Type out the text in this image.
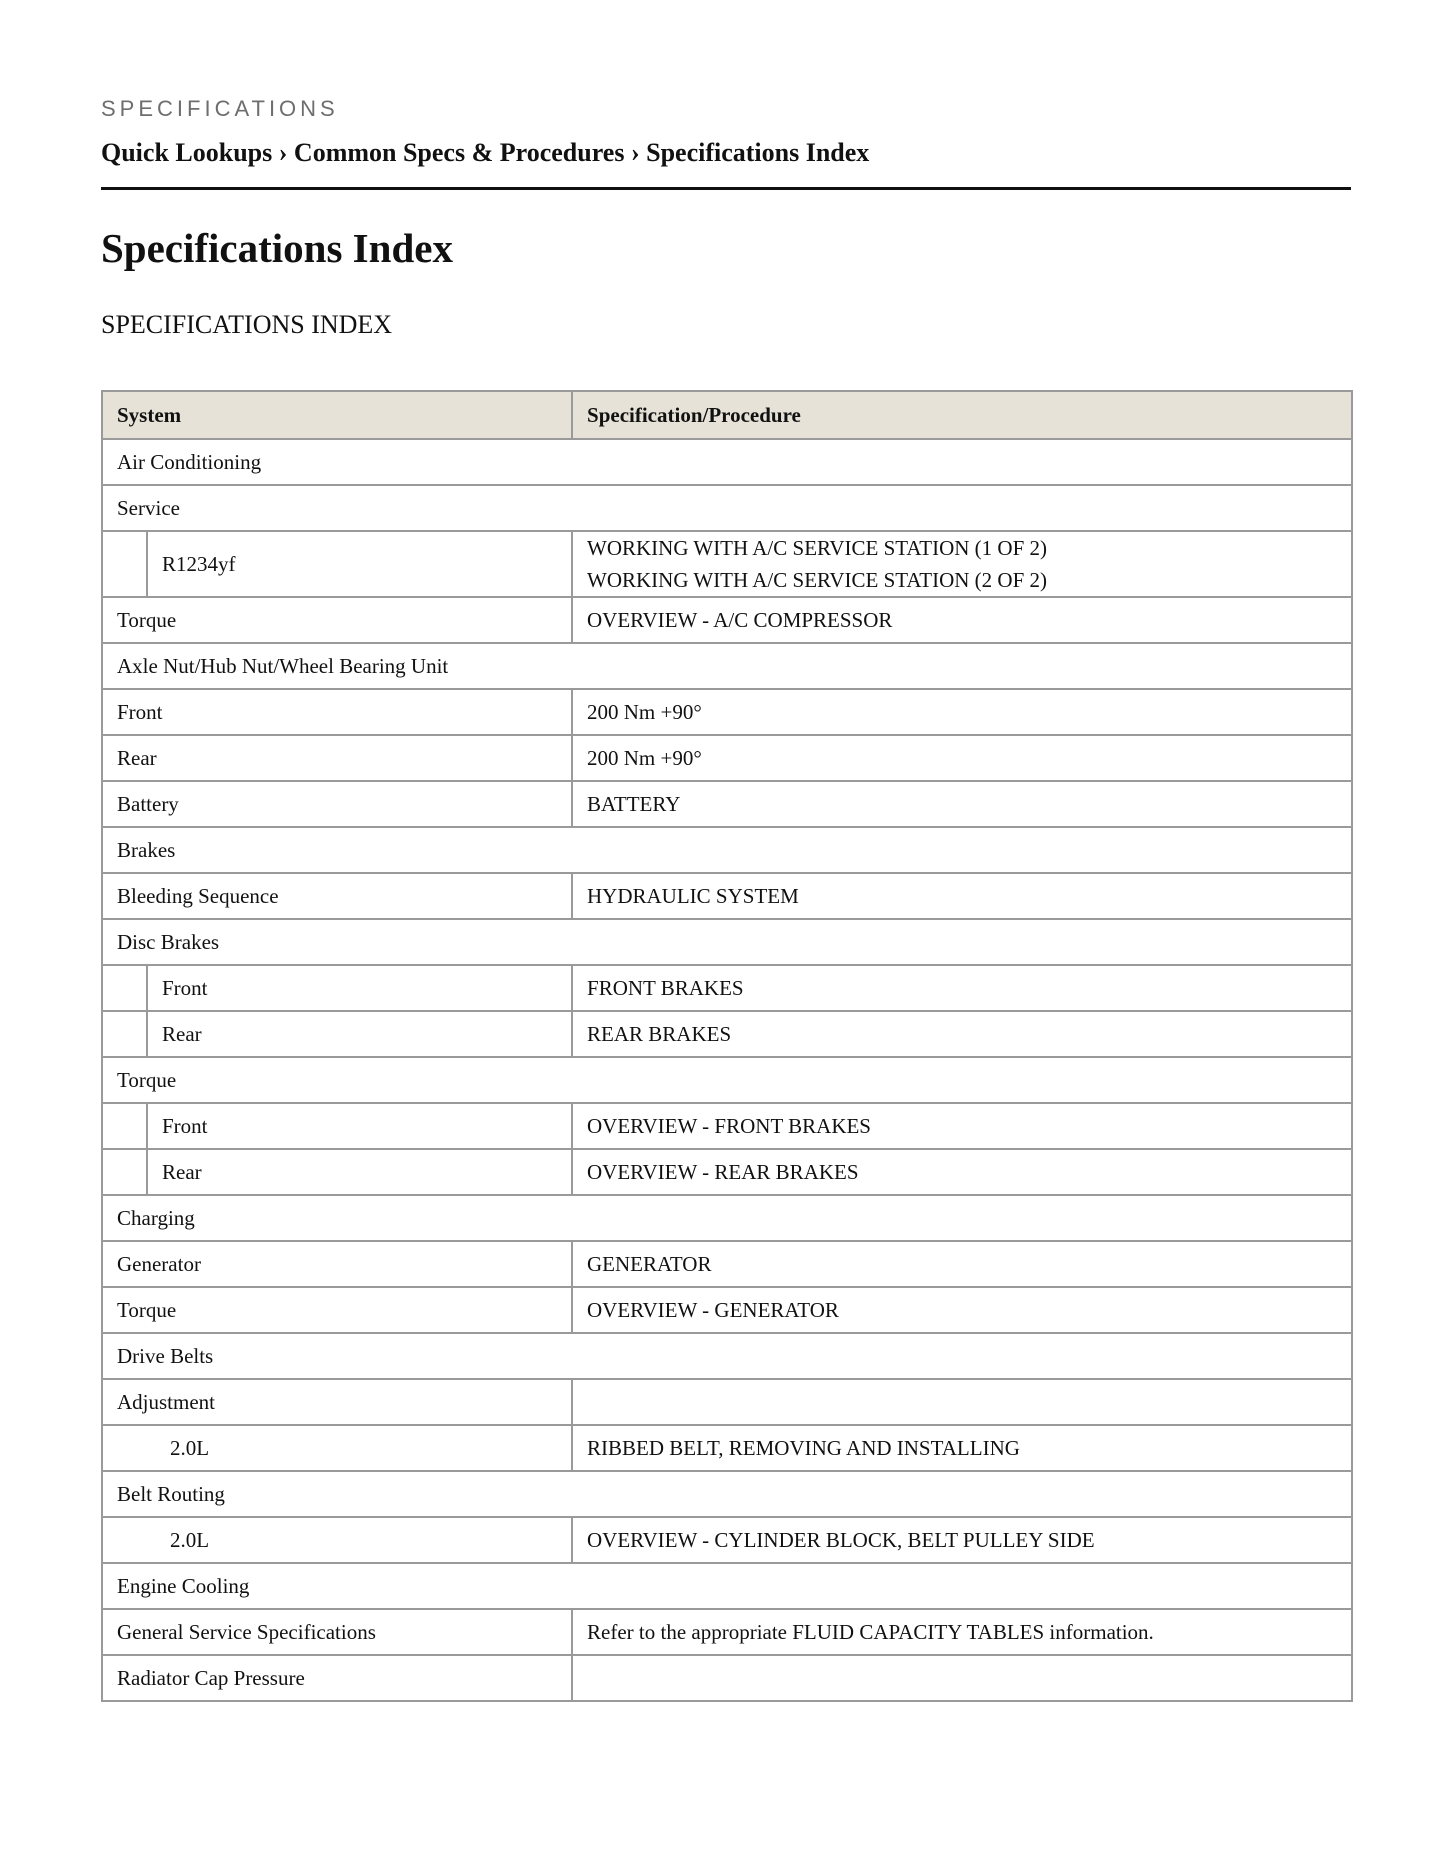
SPECIFICATIONS
Quick Lookups › Common Specs & Procedures › Specifications Index
Specifications Index
SPECIFICATIONS INDEX
System		Specification/Procedure
Air Conditioning		
Service		
	R1234yf	WORKING WITH A/C SERVICE STATION (1 OF 2)
WORKING WITH A/C SERVICE STATION (2 OF 2)

Torque		OVERVIEW - A/C COMPRESSOR
Axle Nut/Hub Nut/Wheel Bearing Unit		
Front		200 Nm +90°
Rear		200 Nm +90°
Battery		BATTERY
Brakes		
Bleeding Sequence		HYDRAULIC SYSTEM
Disc Brakes		
	Front	FRONT BRAKES
	Rear	REAR BRAKES
Torque		
	Front	OVERVIEW - FRONT BRAKES
	Rear	OVERVIEW - REAR BRAKES
Charging		
Generator		GENERATOR
Torque		OVERVIEW - GENERATOR
Drive Belts		
Adjustment		
2.0L		RIBBED BELT, REMOVING AND INSTALLING
Belt Routing		
2.0L		OVERVIEW - CYLINDER BLOCK, BELT PULLEY SIDE
Engine Cooling		
General Service Specifications		Refer to the appropriate FLUID CAPACITY TABLES information.
Radiator Cap Pressure		
